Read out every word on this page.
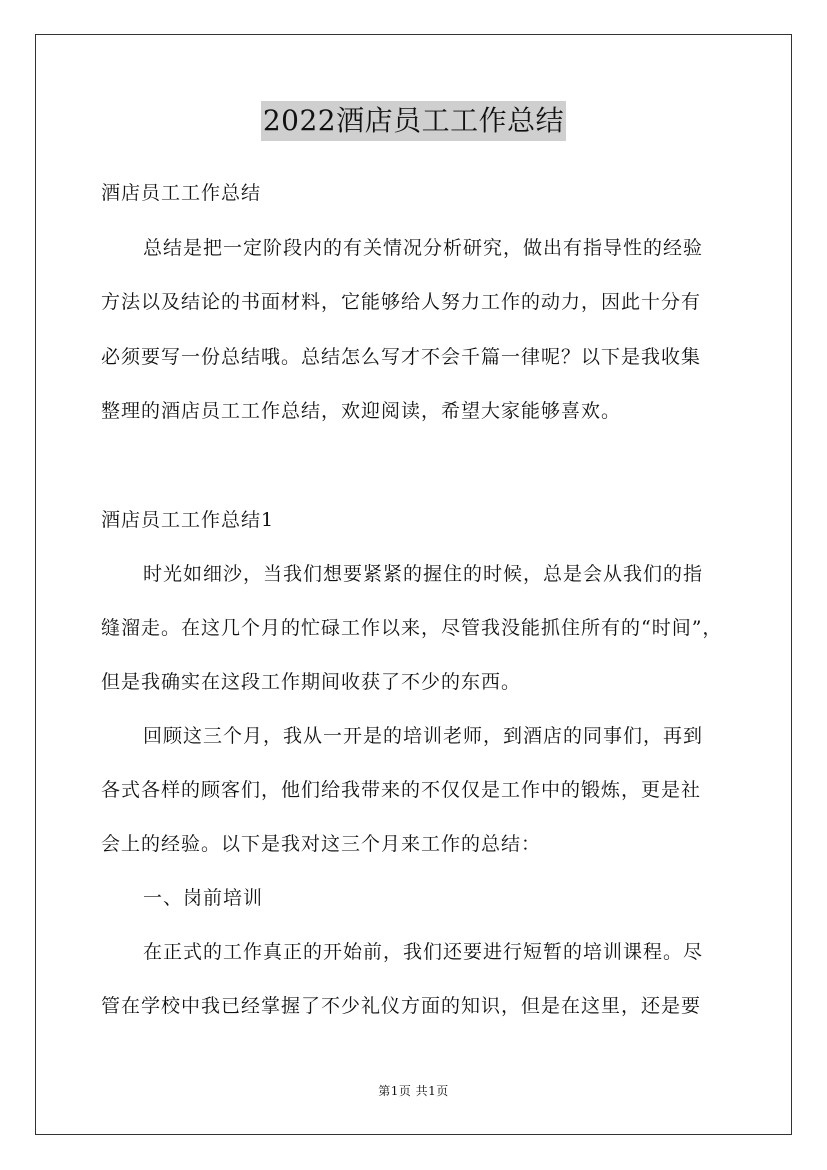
2022酒店员工工作总结
酒店员工工作总结
总结是把一定阶段内的有关情况分析研究，做出有指导性的经验
方法以及结论的书面材料，它能够给人努力工作的动力，因此十分有
必须要写一份总结哦。总结怎么写才不会千篇一律呢？以下是我收集
整理的酒店员工工作总结，欢迎阅读，希望大家能够喜欢。
酒店员工工作总结1
时光如细沙，当我们想要紧紧的握住的时候，总是会从我们的指
缝溜走。在这几个月的忙碌工作以来，尽管我没能抓住所有的“时间”，
但是我确实在这段工作期间收获了不少的东西。
回顾这三个月，我从一开是的培训老师，到酒店的同事们，再到
各式各样的顾客们，他们给我带来的不仅仅是工作中的锻炼，更是社
会上的经验。以下是我对这三个月来工作的总结：
一、岗前培训
在正式的工作真正的开始前，我们还要进行短暂的培训课程。尽
管在学校中我已经掌握了不少礼仪方面的知识，但是在这里，还是要
第1页 共1页
